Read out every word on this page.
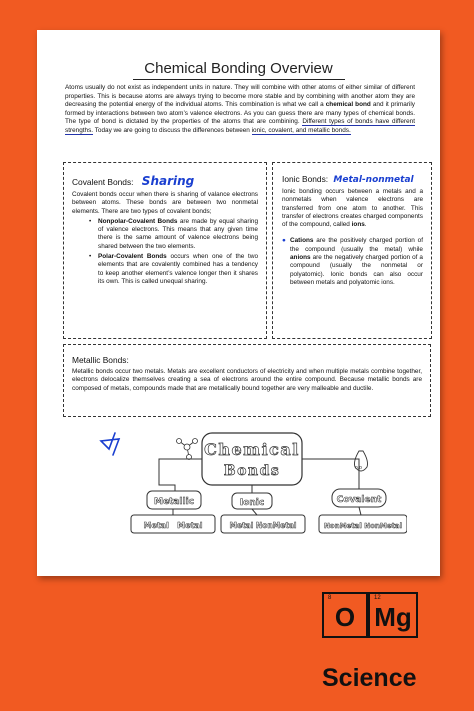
Chemical Bonding Overview
Atoms usually do not exist as independent units in nature. They will combine with other atoms of either similar of different properties. This is because atoms are always trying to become more stable and by combining with another atom they are decreasing the potential energy of the individual atoms. This combination is what we call a chemical bond and it primarily formed by interactions between two atom’s valence electrons. As you can guess there are many types of chemical bonds. The type of bond is dictated by the properties of the atoms that are combining. Different types of bonds have different strengths. Today we are going to discuss the differences between ionic, covalent, and metallic bonds.
Covalent Bonds: Sharing

Covalent bonds occur when there is sharing of valance electrons between atoms. These bonds are between two nonmetal elements. There are two types of covalent bonds;

• Nonpolar-Covalent Bonds are made by equal sharing of valence electrons. This means that any given time there is the same amount of valence electrons being shared between the two elements.
• Polar-Covalent Bonds occurs when one of the two elements that are covalently combined has a tendency to keep another element’s valence longer then it shares its own. This is called unequal sharing.
Ionic Bonds: Metal-nonmetal

Ionic bonding occurs between a metals and a nonmetals when valence electrons are transferred from one atom to another. This transfer of electrons creates charged components of the compound, called ions.

● Cations are the positively charged portion of the compound (usually the metal) while anions are the negatively charged portion of a compound (usually the nonmetal or polyatomic). Ionic bonds can also occur between metals and polyatomic ions.

Metallic Bonds:

Metallic bonds occur two metals. Metals are excellent conductors of electricity and when multiple metals combine together, electrons delocalize themselves creating a sea of electrons around the entire compound. Because metallic bonds are composed of metals, compounds made that are metallically bound together are very malleable and ductile.

o,o
Chemical
Bonds
Metallic	Ionic	Covalent
Metal   Metal	Metal NonMetal	NonMetal NonMetal
8
O
12
Mg
Science
